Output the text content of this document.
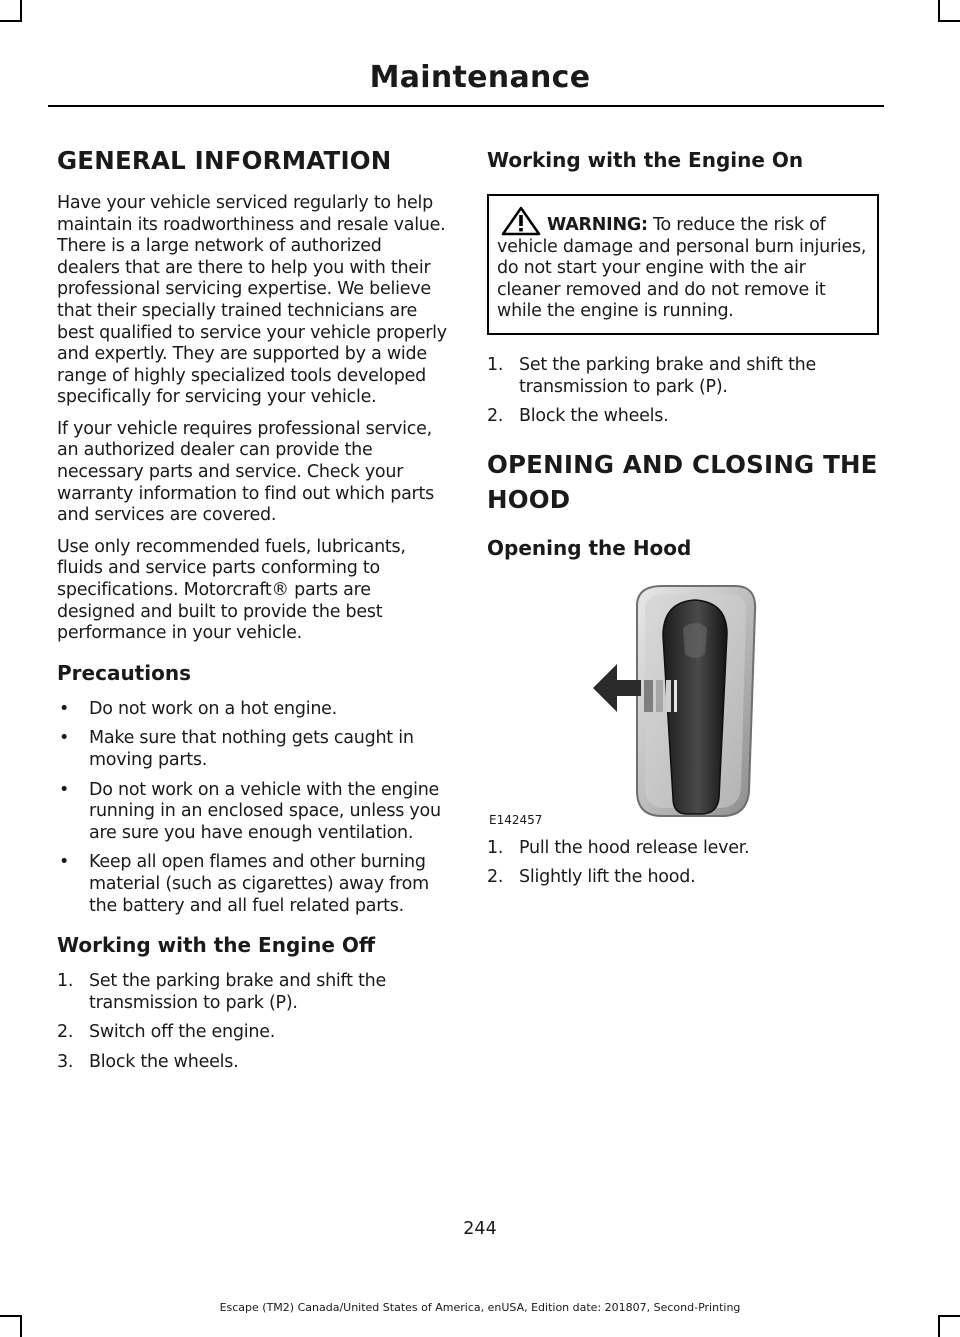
Maintenance
GENERAL INFORMATION

Have your vehicle serviced regularly to help maintain its roadworthiness and resale value. There is a large network of authorized dealers that are there to help you with their professional servicing expertise. We believe that their specially trained technicians are best qualified to service your vehicle properly and expertly. They are supported by a wide range of highly specialized tools developed specifically for servicing your vehicle.

If your vehicle requires professional service, an authorized dealer can provide the necessary parts and service. Check your warranty information to find out which parts and services are covered.

Use only recommended fuels, lubricants, fluids and service parts conforming to specifications. Motorcraft® parts are designed and built to provide the best performance in your vehicle.

Precautions
• Do not work on a hot engine.
• Make sure that nothing gets caught in moving parts.
• Do not work on a vehicle with the engine running in an enclosed space, unless you are sure you have enough ventilation.
• Keep all open flames and other burning material (such as cigarettes) away from the battery and all fuel related parts.
Working with the Engine Off
1. Set the parking brake and shift the transmission to park (P).
2. Switch off the engine.
3. Block the wheels.
Working with the Engine On
WARNING: To reduce the risk of vehicle damage and personal burn injuries, do not start your engine with the air cleaner removed and do not remove it while the engine is running.
1. Set the parking brake and shift the transmission to park (P).
2. Block the wheels.
OPENING AND CLOSING THE
HOOD
Opening the Hood
E142457
1. Pull the hood release lever.
2. Slightly lift the hood.
244
Escape (TM2) Canada/United States of America, enUSA, Edition date: 201807, Second-Printing
